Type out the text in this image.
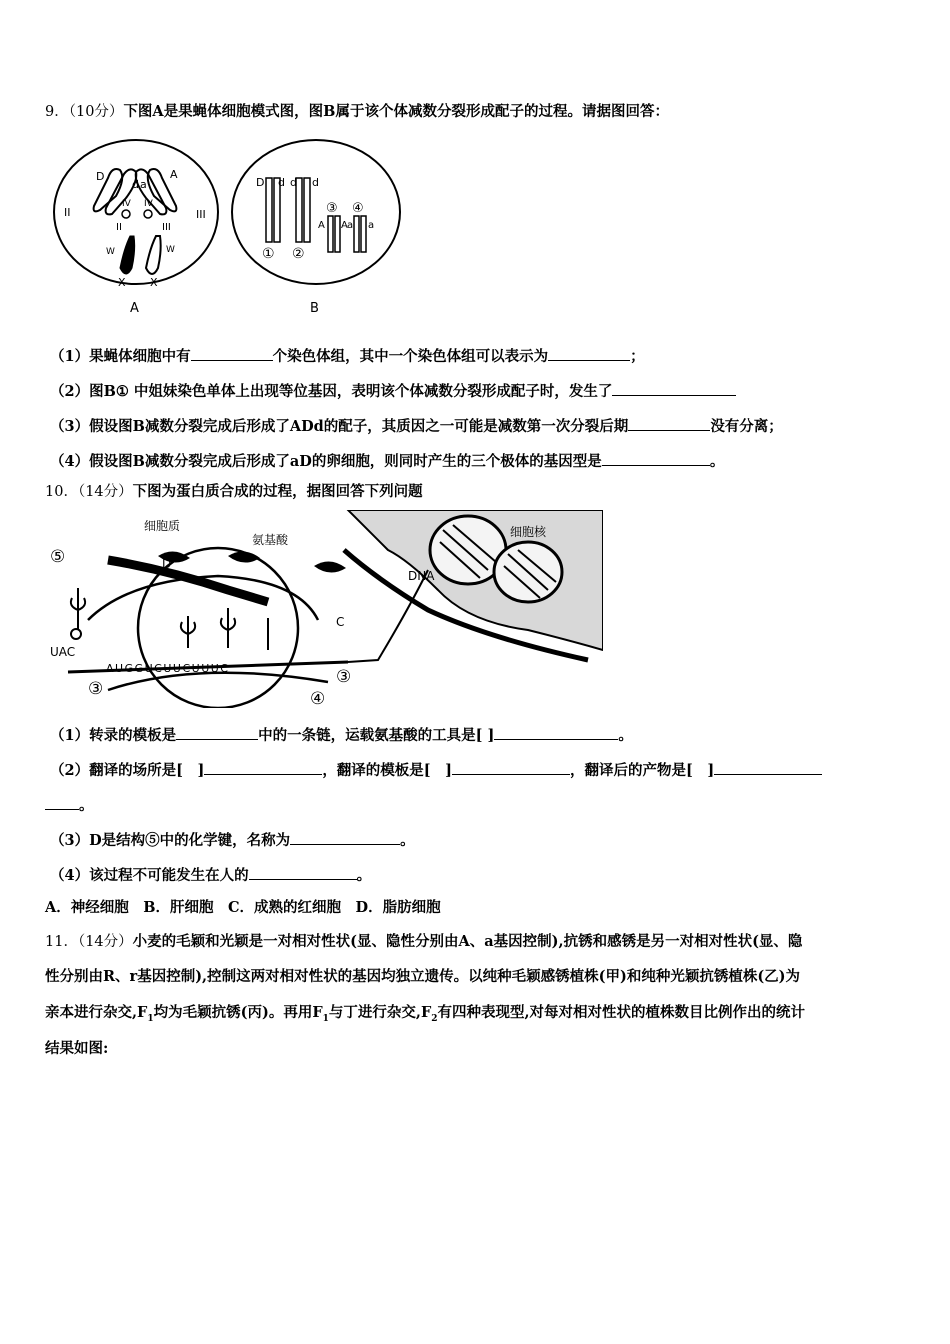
9．（10分）下图A是果蝇体细胞模式图，图B属于该个体减数分裂形成配子的过程。请据图回答：
D
d a
A
II	III
IV IV
II	III
W	W
X X
A
D d d d
③ ④
A A a a
① ②
B
（1）果蝇体细胞中有	个染色体组，其中一个染色体组可以表示为	；
（2）图B① 中姐妹染色单体上出现等位基因，表明该个体减数分裂形成配子时，发生了
（3）假设图B减数分裂完成后形成了ADd的配子，其质因之一可能是减数第一次分裂后期	没有分离；
（4）假设图B减数分裂完成后形成了aD的卵细胞，则同时产生的三个极体的基因型是	。
10．（14分）下图为蛋白质合成的过程，据图回答下列问题
细胞质
氨基酸
细胞核
DNA
UAC
AUGGUCUUCUUUC
D
C
⑤
③
③	④
（1）转录的模板是	中的一条链，运载氨基酸的工具是[ ]	。
（2）翻译的场所是[　]	，翻译的模板是[　]	，翻译后的产物是[　]
。
（3）D是结构⑤中的化学键，名称为	。
（4）该过程不可能发生在人的	。
A．神经细胞　B．肝细胞　C．成熟的红细胞　D．脂肪细胞
11．（14分）小麦的毛颖和光颖是一对相对性状(显、隐性分别由A、a基因控制),抗锈和感锈是另一对相对性状(显、隐
性分别由R、r基因控制),控制这两对相对性状的基因均独立遗传。以纯种毛颖感锈植株(甲)和纯种光颖抗锈植株(乙)为
亲本进行杂交$,F_1$均为毛颖抗锈(丙)。再用$F_1$与丁进行杂交$,F_2$有四种表现型,对每对相对性状的植株数目比例作出的统计
结果如图:
